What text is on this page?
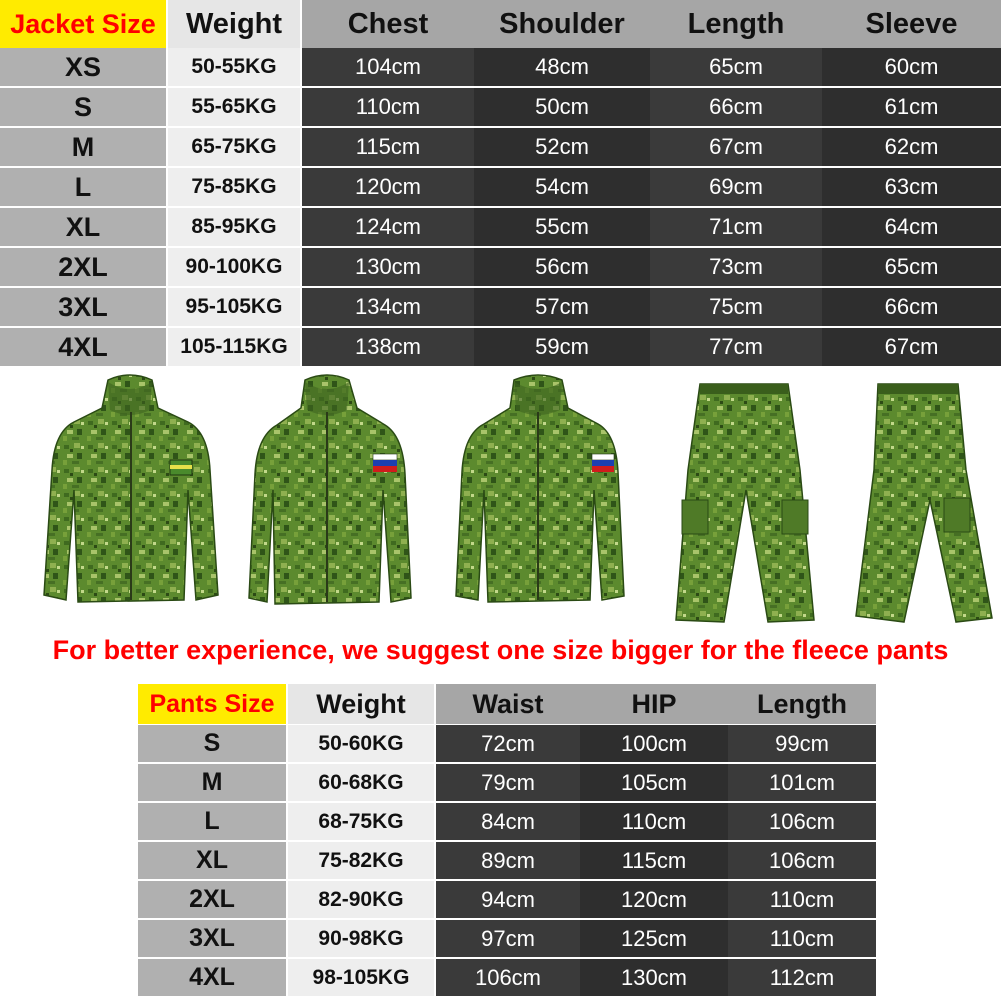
Jacket Size	Weight	Chest	Shoulder	Length	Sleeve
XS	50-55KG	104cm	48cm	65cm	60cm
S	55-65KG	110cm	50cm	66cm	61cm
M	65-75KG	115cm	52cm	67cm	62cm
L	75-85KG	120cm	54cm	69cm	63cm
XL	85-95KG	124cm	55cm	71cm	64cm
2XL	90-100KG	130cm	56cm	73cm	65cm
3XL	95-105KG	134cm	57cm	75cm	66cm
4XL	105-115KG	138cm	59cm	77cm	67cm
For better experience, we suggest one size bigger for the fleece pants
Pants Size	Weight	Waist	HIP	Length
S	50-60KG	72cm	100cm	99cm
M	60-68KG	79cm	105cm	101cm
L	68-75KG	84cm	110cm	106cm
XL	75-82KG	89cm	115cm	106cm
2XL	82-90KG	94cm	120cm	110cm
3XL	90-98KG	97cm	125cm	110cm
4XL	98-105KG	106cm	130cm	112cm
